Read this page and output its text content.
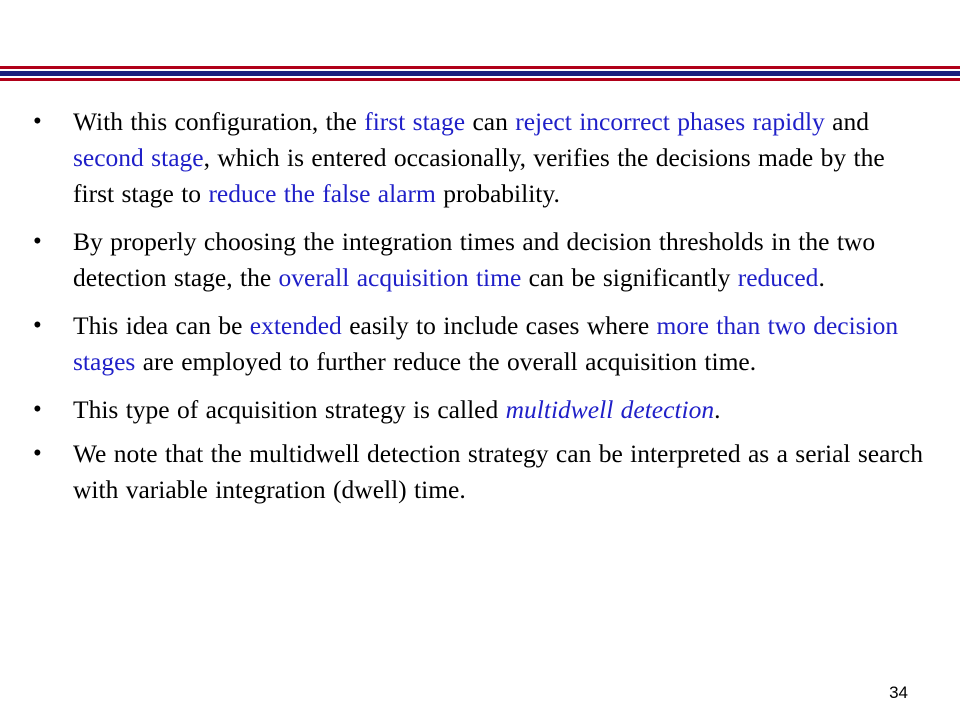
•	With this configuration, the first stage can reject incorrect phases rapidly and second stage, which is entered occasionally, verifies the decisions made by the first stage to reduce the false alarm probability.
•	By properly choosing the integration times and decision thresholds in the two detection stage, the overall acquisition time can be significantly reduced.
•	This idea can be extended easily to include cases where more than two decision stages are employed to further reduce the overall acquisition time.
•	This type of acquisition strategy is called multidwell detection.
•	We note that the multidwell detection strategy can be interpreted as a serial search with variable integration (dwell) time.
34
